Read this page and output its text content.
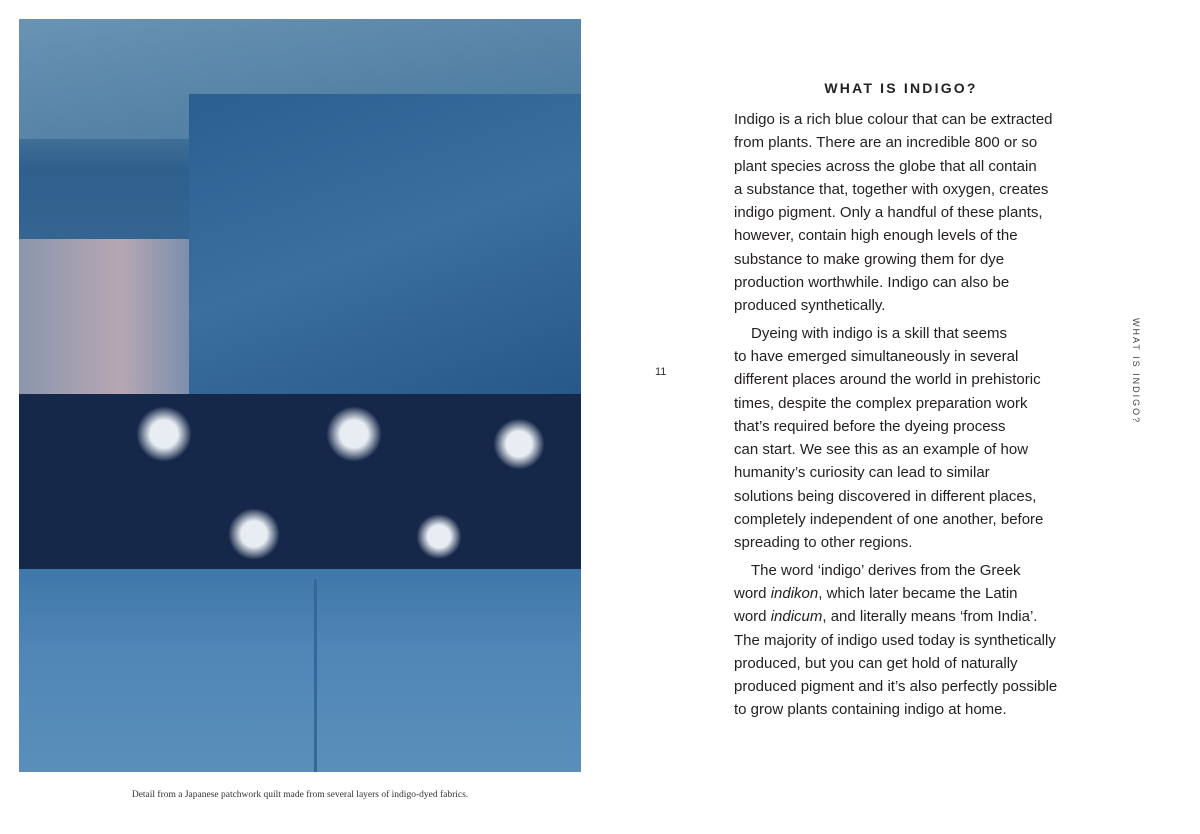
Detail from a Japanese patchwork quilt made from several layers of indigo-dyed fabrics.
11	WHAT IS INDIGO?
WHAT IS INDIGO?

Indigo is a rich blue colour that can be extracted
from plants. There are an incredible 800 or so
plant species across the globe that all contain
a substance that, together with oxygen, creates
indigo pigment. Only a handful of these plants,
however, contain high enough levels of the
substance to make growing them for dye
production worthwhile. Indigo can also be
produced synthetically.

Dyeing with indigo is a skill that seems
to have emerged simultaneously in several
different places around the world in prehistoric
times, despite the complex preparation work
that’s required before the dyeing process
can start. We see this as an example of how
humanity’s curiosity can lead to similar
solutions being discovered in different places,
completely independent of one another, before
spreading to other regions.

The word ‘indigo’ derives from the Greek
word indikon, which later became the Latin
word indicum, and literally means ‘from India’.
The majority of indigo used today is synthetically
produced, but you can get hold of naturally
produced pigment and it’s also perfectly possible
to grow plants containing indigo at home.
